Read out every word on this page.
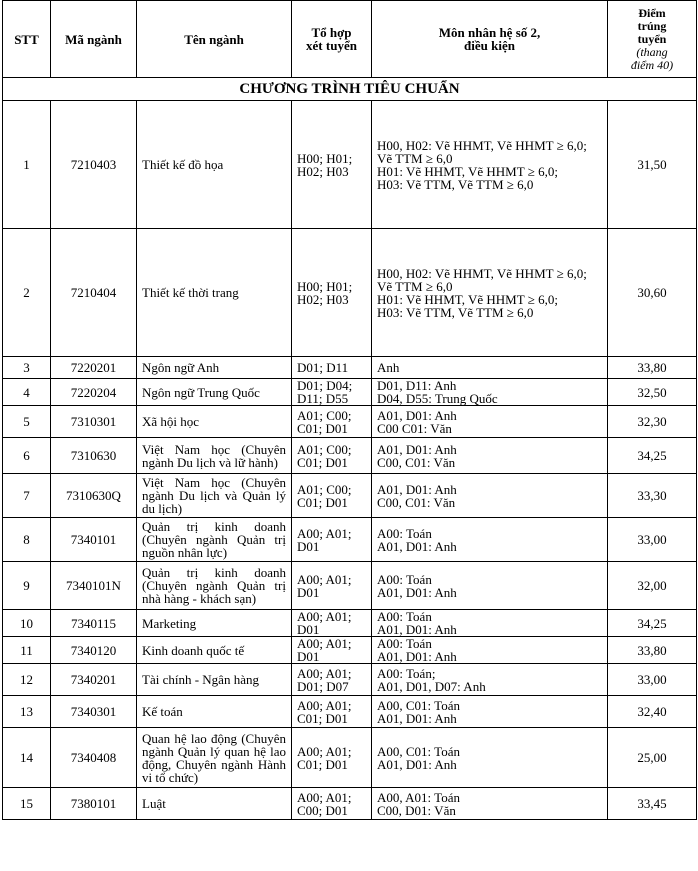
STT	Mã ngành	Tên ngành	Tổ hợp
xét tuyển	Môn nhân hệ số 2,
điều kiện	Điểm
trúng
tuyển
(thang
điểm 40)
CHƯƠNG TRÌNH TIÊU CHUẨN					
1	7210403	Thiết kế đồ họa	H00; H01; H02; H03	H00, H02: Vẽ HHMT, Vẽ HHMT ≥ 6,0; Vẽ TTM ≥ 6,0
H01: Vẽ HHMT, Vẽ HHMT ≥ 6,0;
H03: Vẽ TTM, Vẽ TTM ≥ 6,0	31,50
2	7210404	Thiết kế thời trang	H00; H01; H02; H03	H00, H02: Vẽ HHMT, Vẽ HHMT ≥ 6,0; Vẽ TTM ≥ 6,0
H01: Vẽ HHMT, Vẽ HHMT ≥ 6,0;
H03: Vẽ TTM, Vẽ TTM ≥ 6,0	30,60
3	7220201	Ngôn ngữ Anh	D01; D11	Anh	33,80
4	7220204	Ngôn ngữ Trung Quốc	D01; D04; D11; D55	D01, D11: Anh
D04, D55: Trung Quốc	32,50
5	7310301	Xã hội học	A01; C00; C01; D01	A01, D01: Anh
C00 C01: Văn	32,30
6	7310630	Việt Nam học (Chuyên ngành Du lịch và lữ hành)	A01; C00; C01; D01	A01, D01: Anh
C00, C01: Văn	34,25
7	7310630Q	Việt Nam học (Chuyên ngành Du lịch và Quản lý du lịch)	A01; C00; C01; D01	A01, D01: Anh
C00, C01: Văn	33,30
8	7340101	Quản trị kinh doanh (Chuyên ngành Quản trị nguồn nhân lực)	A00; A01; D01	A00: Toán
A01, D01: Anh	33,00
9	7340101N	Quản trị kinh doanh (Chuyên ngành Quản trị nhà hàng - khách sạn)	A00; A01; D01	A00: Toán
A01, D01: Anh	32,00
10	7340115	Marketing	A00; A01; D01	A00: Toán
A01, D01: Anh	34,25
11	7340120	Kinh doanh quốc tế	A00; A01; D01	A00: Toán
A01, D01: Anh	33,80
12	7340201	Tài chính - Ngân hàng	A00; A01; D01; D07	A00: Toán;
A01, D01, D07: Anh	33,00
13	7340301	Kế toán	A00; A01; C01; D01	A00, C01: Toán
A01, D01: Anh	32,40
14	7340408	Quan hệ lao động (Chuyên ngành Quản lý quan hệ lao động, Chuyên ngành Hành vi tổ chức)	A00; A01; C01; D01	A00, C01: Toán
A01, D01: Anh	25,00
15	7380101	Luật	A00; A01; C00; D01	A00, A01: Toán
C00, D01: Văn	33,45
